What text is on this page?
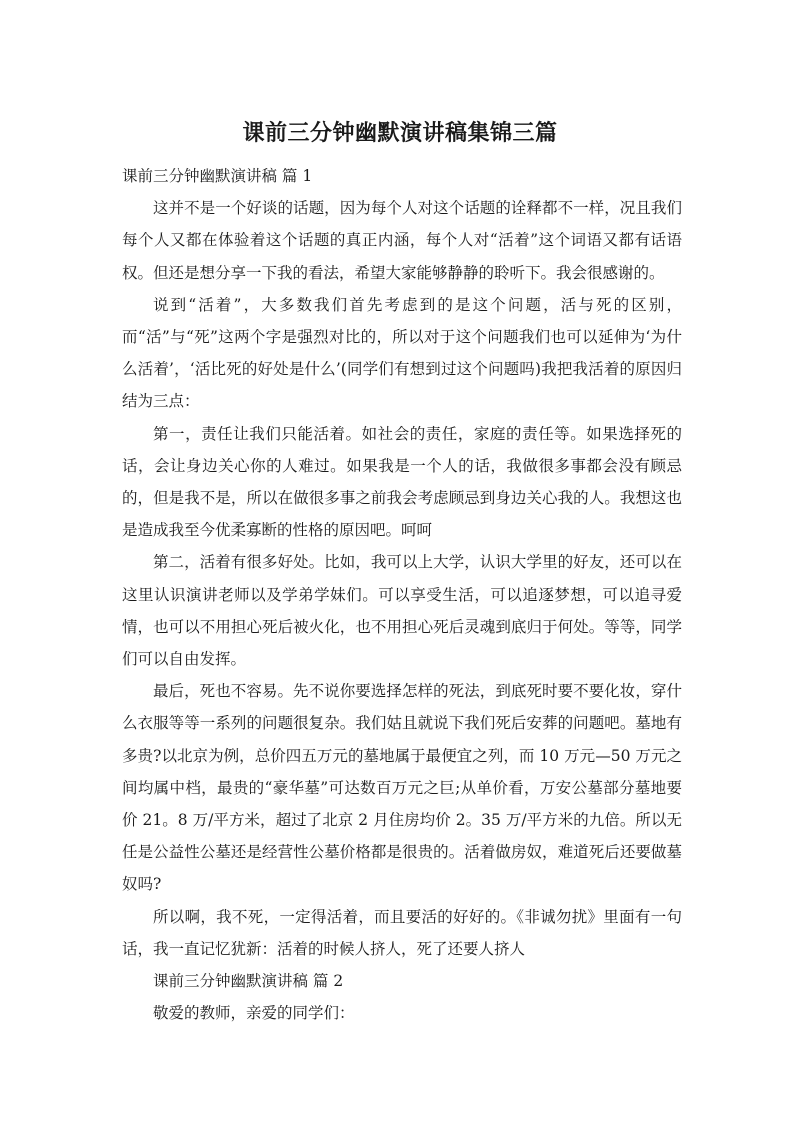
课前三分钟幽默演讲稿集锦三篇

课前三分钟幽默演讲稿 篇 1

这并不是一个好谈的话题，因为每个人对这个话题的诠释都不一样，况且我们每个人又都在体验着这个话题的真正内涵，每个人对“活着”这个词语又都有话语权。但还是想分享一下我的看法，希望大家能够静静的聆听下。我会很感谢的。

说到“活着”，大多数我们首先考虑到的是这个问题，活与死的区别，而“活”与“死”这两个字是强烈对比的，所以对于这个问题我们也可以延伸为‘为什么活着’，‘活比死的好处是什么’(同学们有想到过这个问题吗)我把我活着的原因归结为三点：

第一，责任让我们只能活着。如社会的责任，家庭的责任等。如果选择死的话，会让身边关心你的人难过。如果我是一个人的话，我做很多事都会没有顾忌的，但是我不是，所以在做很多事之前我会考虑顾忌到身边关心我的人。我想这也是造成我至今优柔寡断的性格的原因吧。呵呵

第二，活着有很多好处。比如，我可以上大学，认识大学里的好友，还可以在这里认识演讲老师以及学弟学妹们。可以享受生活，可以追逐梦想，可以追寻爱情，也可以不用担心死后被火化，也不用担心死后灵魂到底归于何处。等等，同学们可以自由发挥。

最后，死也不容易。先不说你要选择怎样的死法，到底死时要不要化妆，穿什么衣服等等一系列的问题很复杂。我们姑且就说下我们死后安葬的问题吧。墓地有多贵?以北京为例，总价四五万元的墓地属于最便宜之列，而 10 万元—50 万元之间均属中档，最贵的“豪华墓”可达数百万元之巨;从单价看，万安公墓部分墓地要价 21。8 万/平方米，超过了北京 2 月住房均价 2。35 万/平方米的九倍。所以无任是公益性公墓还是经营性公墓价格都是很贵的。活着做房奴，难道死后还要做墓奴吗?

所以啊，我不死，一定得活着，而且要活的好好的。《非诚勿扰》里面有一句话，我一直记忆犹新：活着的时候人挤人，死了还要人挤人

课前三分钟幽默演讲稿 篇 2

敬爱的教师，亲爱的同学们：
